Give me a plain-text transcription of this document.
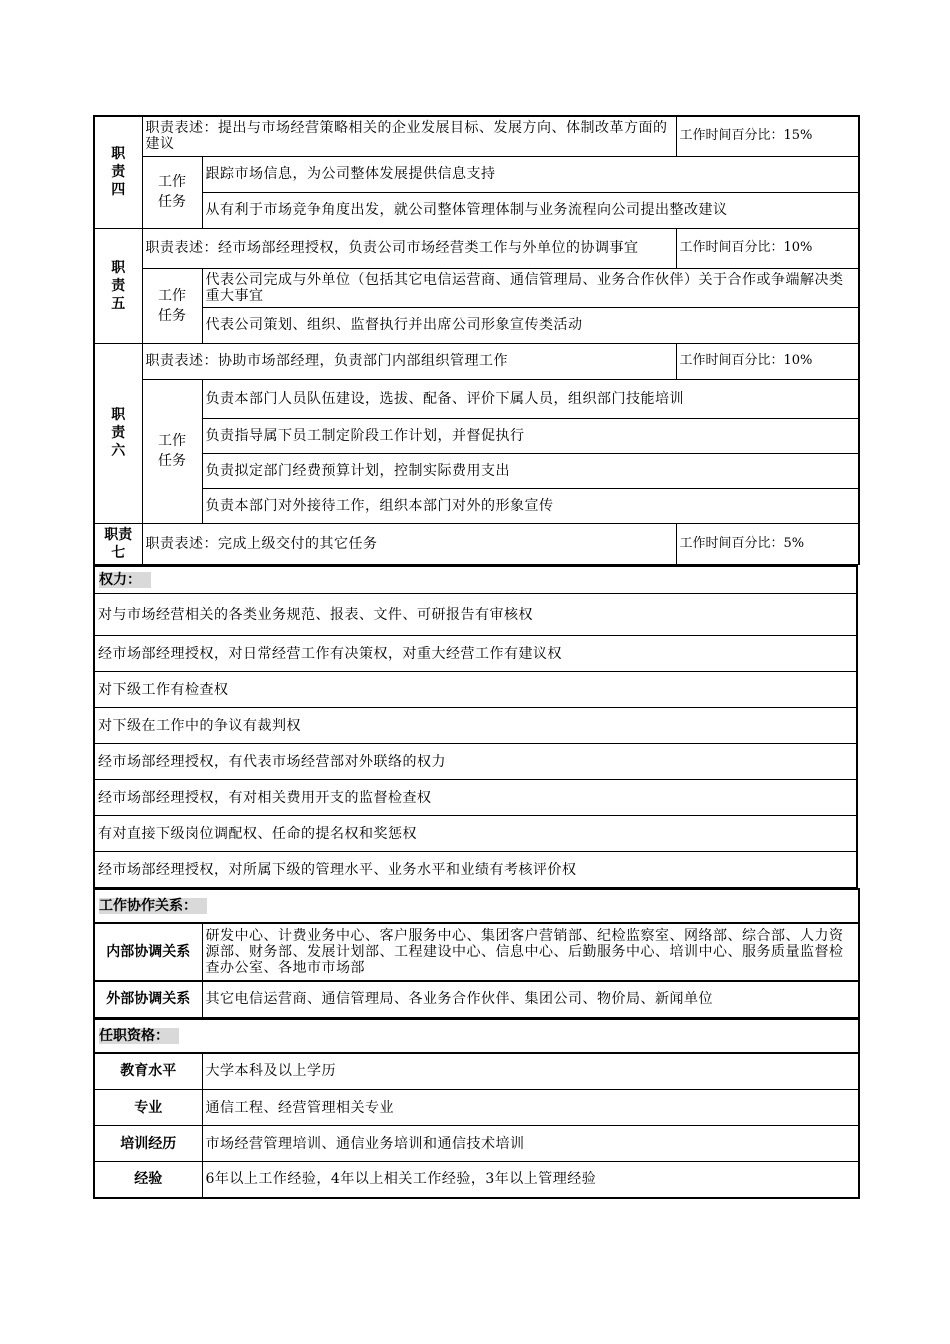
职
责
四	职责表述：提出与市场经营策略相关的企业发展目标、发展方向、体制改革方面的建议		工作时间百分比：15%

	工作
任务	跟踪市场信息，为公司整体发展提供信息支持	
		从有利于市场竞争角度出发，就公司整体管理体制与业务流程向公司提出整改建议	

职
责
五	职责表述：经市场部经理授权，负责公司市场经营类工作与外单位的协调事宜		工作时间百分比：10%

	工作
任务	代表公司完成与外单位（包括其它电信运营商、通信管理局、业务合作伙伴）关于合作或争端解决类重大事宜	
		代表公司策划、组织、监督执行并出席公司形象宣传类活动	

职
责
六	职责表述：协助市场部经理，负责部门内部组织管理工作		工作时间百分比：10%

	工作
任务	负责本部门人员队伍建设，选拔、配备、评价下属人员，组织部门技能培训	
		负责指导属下员工制定阶段工作计划，并督促执行	
		负责拟定部门经费预算计划，控制实际费用支出	
		负责本部门对外接待工作，组织本部门对外的形象宣传	

职责
七	职责表述：完成上级交付的其它任务		工作时间百分比：5%
权力：
对与市场经营相关的各类业务规范、报表、文件、可研报告有审核权
经市场部经理授权，对日常经营工作有决策权，对重大经营工作有建议权
对下级工作有检查权
对下级在工作中的争议有裁判权
经市场部经理授权，有代表市场经营部对外联络的权力
经市场部经理授权，有对相关费用开支的监督检查权
有对直接下级岗位调配权、任命的提名权和奖惩权
经市场部经理授权，对所属下级的管理水平、业务水平和业绩有考核评价权
工作协作关系：	
内部协调关系	研发中心、计费业务中心、客户服务中心、集团客户营销部、纪检监察室、网络部、综合部、人力资源部、财务部、发展计划部、工程建设中心、信息中心、后勤服务中心、培训中心、服务质量监督检查办公室、各地市市场部
外部协调关系	其它电信运营商、通信管理局、各业务合作伙伴、集团公司、物价局、新闻单位
任职资格：	
教育水平	大学本科及以上学历
专业	通信工程、经营管理相关专业
培训经历	市场经营管理培训、通信业务培训和通信技术培训
经验	6年以上工作经验，4年以上相关工作经验，3年以上管理经验
